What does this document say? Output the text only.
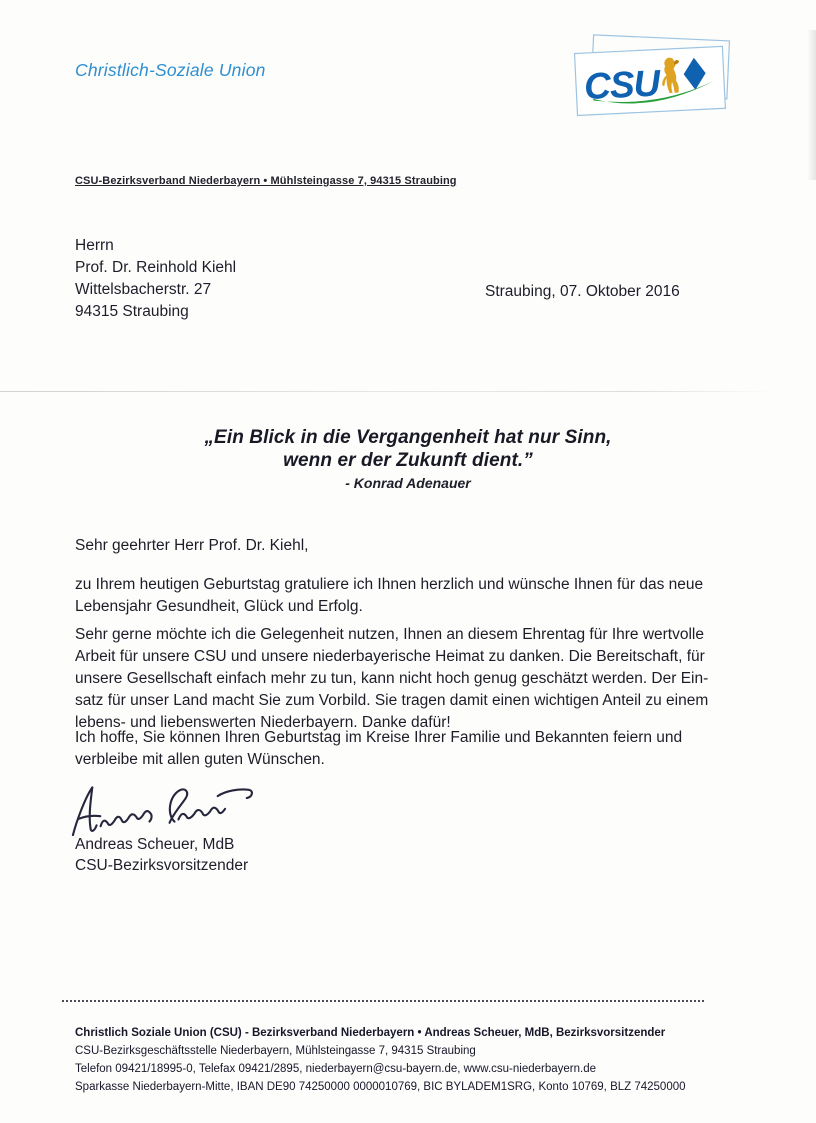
Christlich-Soziale Union	CSU
CSU-Bezirksverband Niederbayern • Mühlsteingasse 7, 94315 Straubing
Herrn
Prof. Dr. Reinhold Kiehl
Wittelsbacherstr. 27
94315 Straubing
Straubing, 07. Oktober 2016
„Ein Blick in die Vergangenheit hat nur Sinn,
wenn er der Zukunft dient.”
- Konrad Adenauer
Sehr geehrter Herr Prof. Dr. Kiehl,
zu Ihrem heutigen Geburtstag gratuliere ich Ihnen herzlich und wünsche Ihnen für das neue
Lebensjahr Gesundheit, Glück und Erfolg.
Sehr gerne möchte ich die Gelegenheit nutzen, Ihnen an diesem Ehrentag für Ihre wertvolle
Arbeit für unsere CSU und unsere niederbayerische Heimat zu danken. Die Bereitschaft, für
unsere Gesellschaft einfach mehr zu tun, kann nicht hoch genug geschätzt werden. Der Ein-
satz für unser Land macht Sie zum Vorbild. Sie tragen damit einen wichtigen Anteil zu einem
lebens- und liebenswerten Niederbayern. Danke dafür!
Ich hoffe, Sie können Ihren Geburtstag im Kreise Ihrer Familie und Bekannten feiern und
verbleibe mit allen guten Wünschen.
Andreas Scheuer, MdB
CSU-Bezirksvorsitzender
Christlich Soziale Union (CSU) - Bezirksverband Niederbayern • Andreas Scheuer, MdB, Bezirksvorsitzender
CSU-Bezirksgeschäftsstelle Niederbayern, Mühlsteingasse 7, 94315 Straubing
Telefon 09421/18995-0, Telefax 09421/2895, niederbayern@csu-bayern.de, www.csu-niederbayern.de
Sparkasse Niederbayern-Mitte, IBAN DE90 74250000 0000010769, BIC BYLADEM1SRG, Konto 10769, BLZ 74250000
